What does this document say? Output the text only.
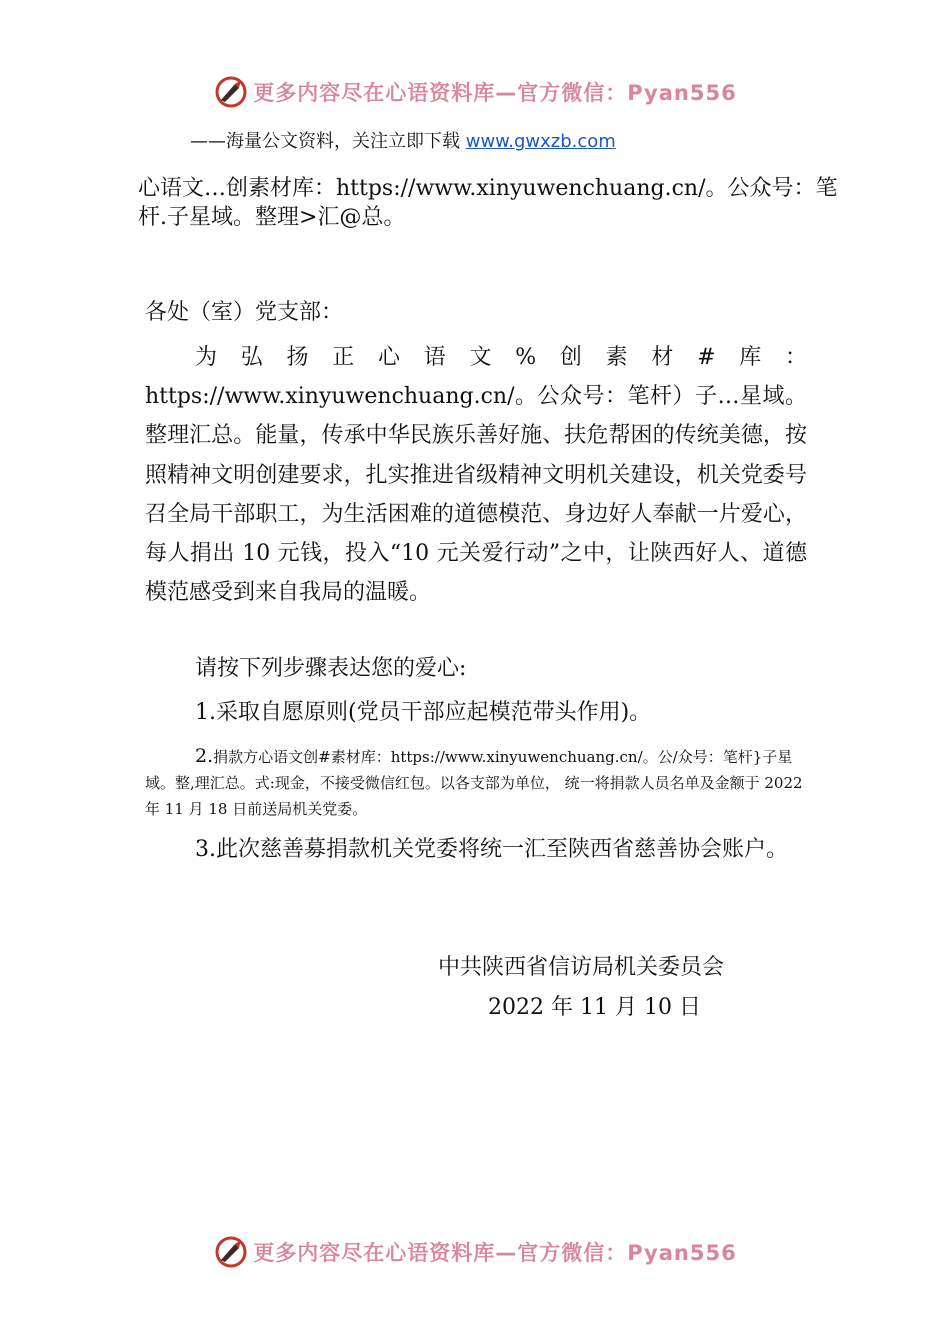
更多内容尽在心语资料库—官方微信：Pyan556
——海量公文资料，关注立即下载 www.gwxzb.com
心语文…创素材库：https://www.xinyuwenchuang.cn/。公众号：笔杆.子星域。整理>汇@总。
各处（室）党支部：
为弘扬正心语文%创素材#库：https://www.xinyuwenchuang.cn/。公众号：笔杆）子…星域。整理汇总。能量，传承中华民族乐善好施、扶危帮困的传统美德，按照精神文明创建要求，扎实推进省级精神文明机关建设，机关党委号召全局干部职工，为生活困难的道德模范、身边好人奉献一片爱心，每人捐出 10 元钱，投入“10 元关爱行动”之中，让陕西好人、道德模范感受到来自我局的温暖。
请按下列步骤表达您的爱心:
1.采取自愿原则(党员干部应起模范带头作用)。
2.捐款方心语文创#素材库：https://www.xinyuwenchuang.cn/。公/众号：笔杆}子星域。整,理汇总。式:现金，不接受微信红包。以各支部为单位， 统一将捐款人员名单及金额于 2022 年 11 月 18 日前送局机关党委。
3.此次慈善募捐款机关党委将统一汇至陕西省慈善协会账户。
中共陕西省信访局机关委员会
2022 年 11 月 10 日
更多内容尽在心语资料库—官方微信：Pyan556
